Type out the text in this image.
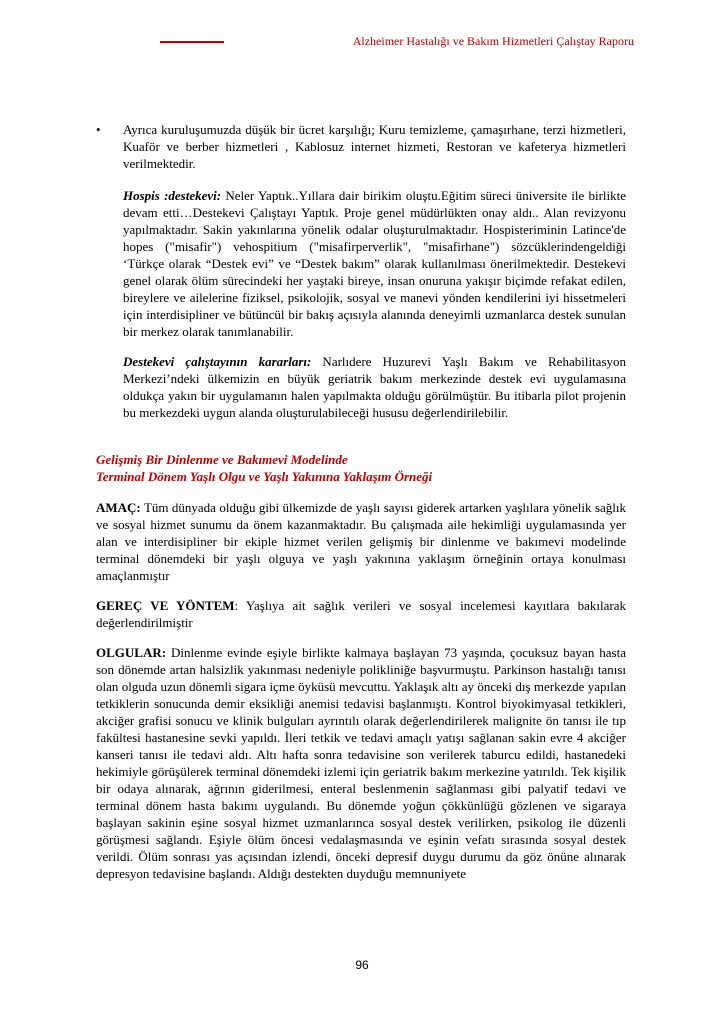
Alzheimer Hastalığı ve Bakım Hizmetleri Çalıştay Raporu
•	Ayrıca kuruluşumuzda düşük bir ücret karşılığı; Kuru temizleme, çamaşırhane, terzi hizmetleri, Kuaför ve berber hizmetleri , Kablosuz internet hizmeti, Restoran ve kafeterya hizmetleri verilmektedir.

Hospis :destekevi: Neler Yaptık..Yıllara dair birikim oluştu.Eğitim süreci üniversite ile birlikte devam etti…Destekevi Çalıştayı Yaptık. Proje genel müdürlükten onay aldı.. Alan revizyonu yapılmaktadır. Sakin yakınlarına yönelik odalar oluşturulmaktadır. Hospisteriminin Latince'de hopes ("misafir") vehospitium ("misafirperverlik", "misafirhane") sözcüklerindengeldiği ‘Türkçe olarak “Destek evi” ve “Destek bakım” olarak kullanılması önerilmektedir. Destekevi genel olarak ölüm sürecindeki her yaştaki bireye, insan onuruna yakışır biçimde refakat edilen, bireylere ve ailelerine fiziksel, psikolojik, sosyal ve manevi yönden kendilerini iyi hissetmeleri için interdisipliner ve bütüncül bir bakış açısıyla alanında deneyimli uzmanlarca destek sunulan bir merkez olarak tanımlanabilir.

Destekevi çalıştayının kararları: Narlıdere Huzurevi Yaşlı Bakım ve Rehabilitasyon Merkezi’ndeki ülkemizin en büyük geriatrik bakım merkezinde destek evi uygulamasına oldukça yakın bir uygulamanın halen yapılmakta olduğu görülmüştür. Bu itibarla pilot projenin bu merkezdeki uygun alanda oluşturulabileceği hususu değerlendirilebilir.

Gelişmiş Bir Dinlenme ve Bakımevi Modelinde
Terminal Dönem Yaşlı Olgu ve Yaşlı Yakınına Yaklaşım Örneği

AMAÇ: Tüm dünyada olduğu gibi ülkemizde de yaşlı sayısı giderek artarken yaşlılara yönelik sağlık ve sosyal hizmet sunumu da önem kazanmaktadır. Bu çalışmada aile hekimliği uygulamasında yer alan ve interdisipliner bir ekiple hizmet verilen gelişmiş bir dinlenme ve bakımevi modelinde terminal dönemdeki bir yaşlı olguya ve yaşlı yakınına yaklaşım örneğinin ortaya konulması amaçlanmıştır

GEREÇ VE YÖNTEM: Yaşlıya ait sağlık verileri ve sosyal incelemesi kayıtlara bakılarak değerlendirilmiştir

OLGULAR: Dinlenme evinde eşiyle birlikte kalmaya başlayan 73 yaşında, çocuksuz bayan hasta son dönemde artan halsizlik yakınması nedeniyle polikliniğe başvurmuştu. Parkinson hastalığı tanısı olan olguda uzun dönemli sigara içme öyküsü mevcuttu. Yaklaşık altı ay önceki dış merkezde yapılan tetkiklerin sonucunda demir eksikliği anemisi tedavisi başlanmıştı. Kontrol biyokimyasal tetkikleri, akciğer grafisi sonucu ve klinik bulguları ayrıntılı olarak değerlendirilerek malignite ön tanısı ile tıp fakültesi hastanesine sevki yapıldı. İleri tetkik ve tedavi amaçlı yatışı sağlanan sakin evre 4 akciğer kanseri tanısı ile tedavi aldı. Altı hafta sonra tedavisine son verilerek taburcu edildi, hastanedeki hekimiyle görüşülerek terminal dönemdeki izlemi için geriatrik bakım merkezine yatırıldı. Tek kişilik bir odaya alınarak, ağrının giderilmesi, enteral beslenmenin sağlanması gibi palyatif tedavi ve terminal dönem hasta bakımı uygulandı. Bu dönemde yoğun çökkünlüğü gözlenen ve sigaraya başlayan sakinin eşine sosyal hizmet uzmanlarınca sosyal destek verilirken, psikolog ile düzenli görüşmesi sağlandı. Eşiyle ölüm öncesi vedalaşmasında ve eşinin vefatı sırasında sosyal destek verildi. Ölüm sonrası yas açısından izlendi, önceki depresif duygu durumu da göz önüne alınarak depresyon tedavisine başlandı. Aldığı destekten duyduğu memnuniyete

96
